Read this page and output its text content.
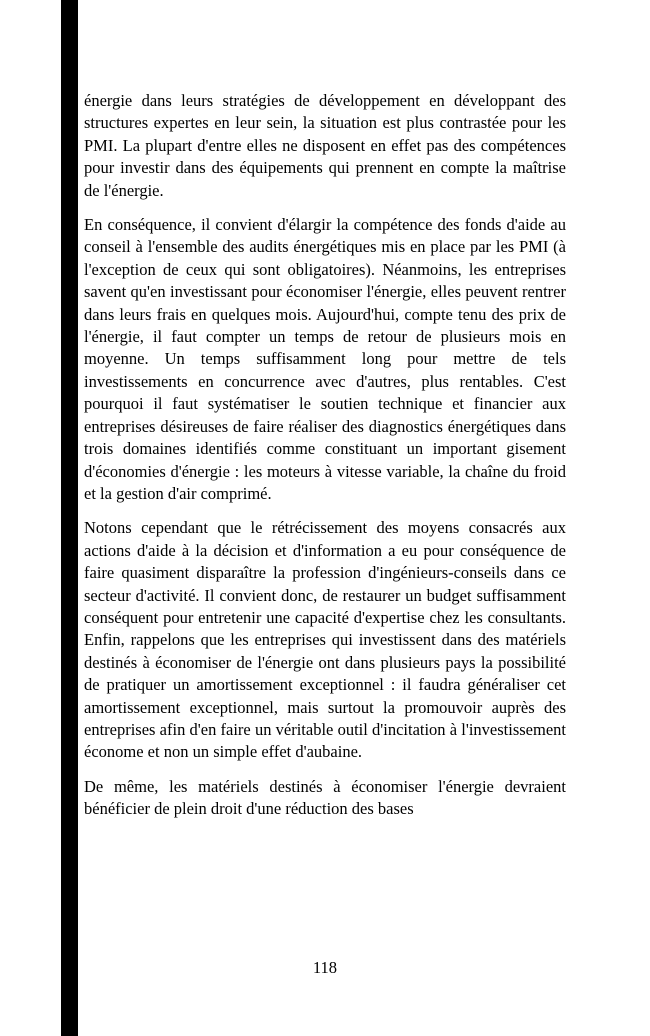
énergie dans leurs stratégies de développement en développant des structures expertes en leur sein, la situation est plus contrastée pour les PMI. La plupart d'entre elles ne disposent en effet pas des compétences pour investir dans des équipements qui prennent en compte la maîtrise de l'énergie.

En conséquence, il convient d'élargir la compétence des fonds d'aide au conseil à l'ensemble des audits énergétiques mis en place par les PMI (à l'exception de ceux qui sont obligatoires). Néanmoins, les entreprises savent qu'en investissant pour économiser l'énergie, elles peuvent rentrer dans leurs frais en quelques mois. Aujourd'hui, compte tenu des prix de l'énergie, il faut compter un temps de retour de plusieurs mois en moyenne. Un temps suffisamment long pour mettre de tels investissements en concurrence avec d'autres, plus rentables. C'est pourquoi il faut systématiser le soutien technique et financier aux entreprises désireuses de faire réaliser des diagnostics énergétiques dans trois domaines identifiés comme constituant un important gisement d'économies d'énergie : les moteurs à vitesse variable, la chaîne du froid et la gestion d'air comprimé.

Notons cependant que le rétrécissement des moyens consacrés aux actions d'aide à la décision et d'information a eu pour conséquence de faire quasiment disparaître la profession d'ingénieurs-conseils dans ce secteur d'activité. Il convient donc, de restaurer un budget suffisamment conséquent pour entretenir une capacité d'expertise chez les consultants. Enfin, rappelons que les entreprises qui investissent dans des matériels destinés à économiser de l'énergie ont dans plusieurs pays la possibilité de pratiquer un amortissement exceptionnel : il faudra généraliser cet amortissement exceptionnel, mais surtout la promouvoir auprès des entreprises afin d'en faire un véritable outil d'incitation à l'investissement économe et non un simple effet d'aubaine.

De même, les matériels destinés à économiser l'énergie devraient bénéficier de plein droit d'une réduction des bases

118
